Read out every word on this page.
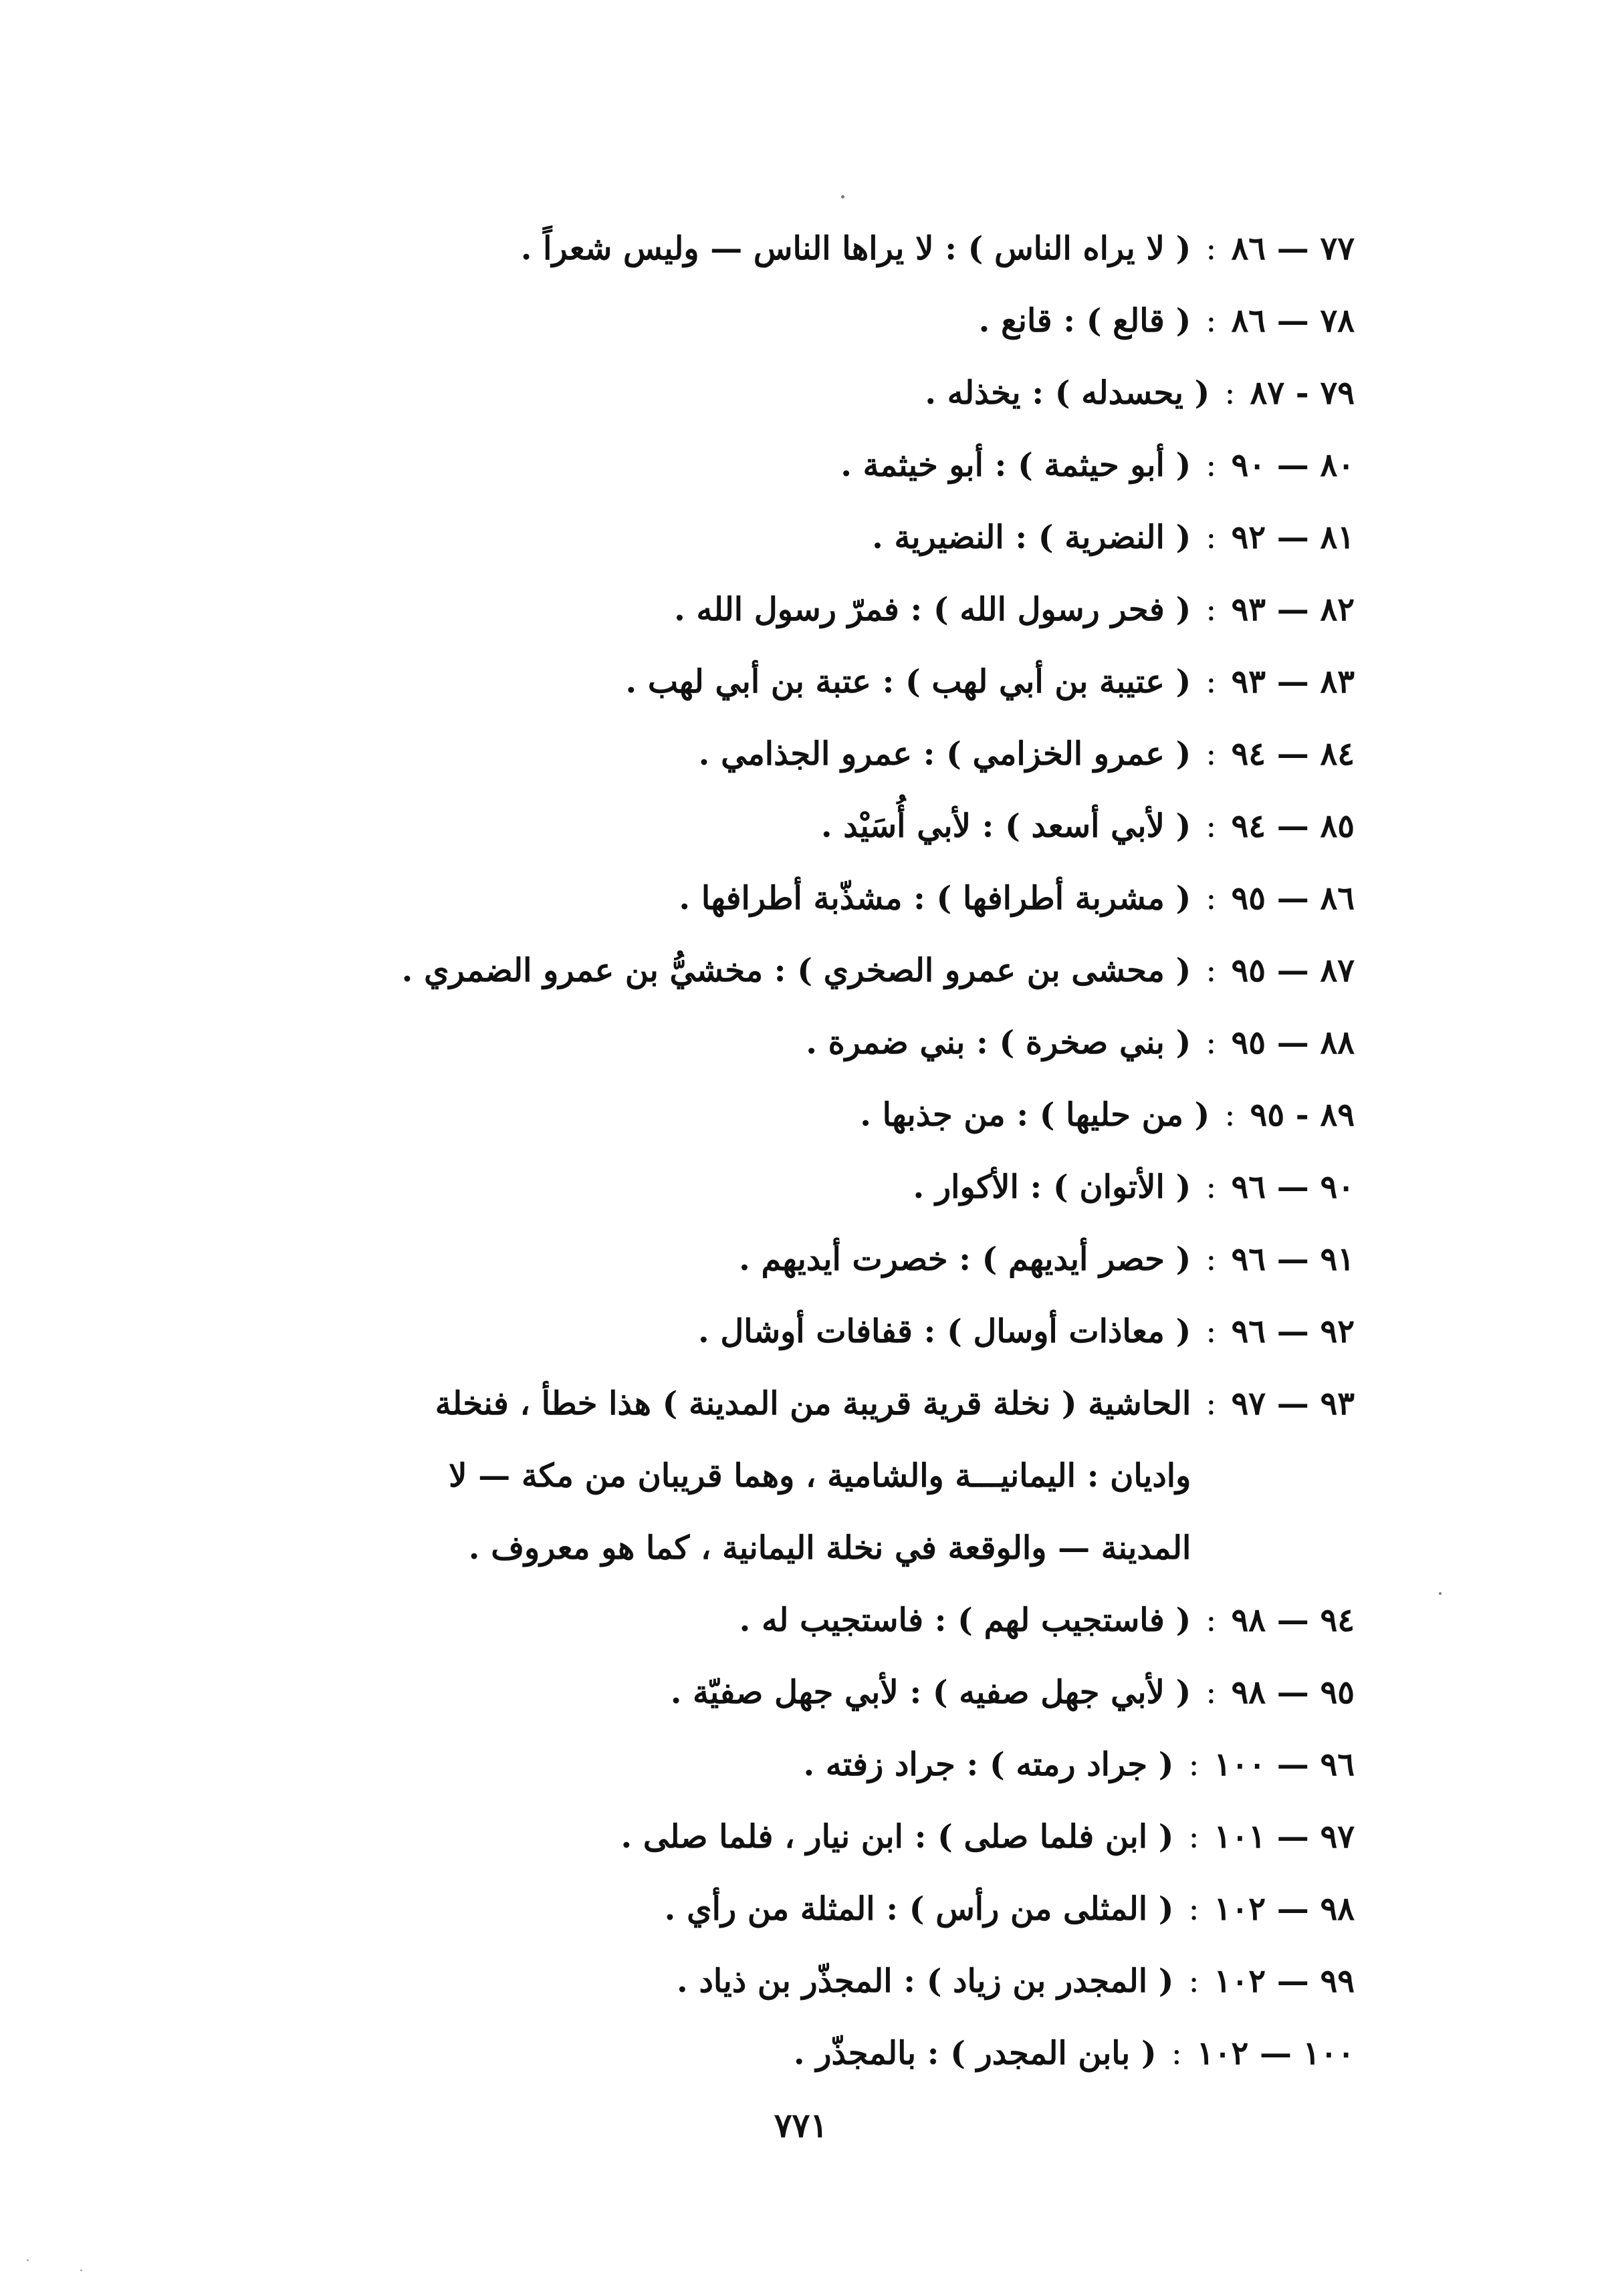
٧٧ — ٨٦
:
( لا يراه الناس ) : لا يراها الناس — وليس شعراً .
٧٨ — ٨٦
:
( قالع ) : قانع .
٧٩ - ٨٧
:
( يحسدله ) : يخذله .
٨٠ — ٩٠
:
( أبو حيثمة ) : أبو خيثمة .
٨١ — ٩٢
:
( النضرية ) : النضيرية .
٨٢ — ٩٣
:
( فحر رسول الله ) : فمرّ رسول الله .
٨٣ — ٩٣
:
( عتيبة بن أبي لهب ) : عتبة بن أبي لهب .
٨٤ — ٩٤
:
( عمرو الخزامي ) : عمرو الجذامي .
٨٥ — ٩٤
:
( لأبي أسعد ) : لأبي أُسَيْد .
٨٦ — ٩٥
:
( مشربة أطرافها ) : مشذّبة أطرافها .
٨٧ — ٩٥
:
( محشى بن عمرو الصخري ) : مخشيُّ بن عمرو الضمري .
٨٨ — ٩٥
:
( بني صخرة ) : بني ضمرة .
٨٩ - ٩٥
:
( من حليها ) : من جذبها .
٩٠ — ٩٦
:
( الأتوان ) : الأكوار .
٩١ — ٩٦
:
( حصر أيديهم ) : خصرت أيديهم .
٩٢ — ٩٦
:
( معاذات أوسال ) : قفافات أوشال .
٩٣ — ٩٧
:
الحاشية ( نخلة قرية قريبة من المدينة ) هذا خطأ ، فنخلة
واديان : اليمانيـــة والشامية ، وهما قريبان من مكة — لا
المدينة — والوقعة في نخلة اليمانية ، كما هو معروف .
٩٤ — ٩٨
:
( فاستجيب لهم ) : فاستجيب له .
٩٥ — ٩٨
:
( لأبي جهل صفيه ) : لأبي جهل صفيّة .
٩٦ — ١٠٠
:
( جراد رمته ) : جراد زفته .
٩٧ — ١٠١
:
( ابن فلما صلى ) : ابن نيار ، فلما صلى .
٩٨ — ١٠٢
:
( المثلى من رأس ) : المثلة من رأي .
٩٩ — ١٠٢
:
( المجدر بن زياد ) : المجذّر بن ذياد .
١٠٠ — ١٠٢
:
( بابن المجدر ) : بالمجذّر .
٧٧١
